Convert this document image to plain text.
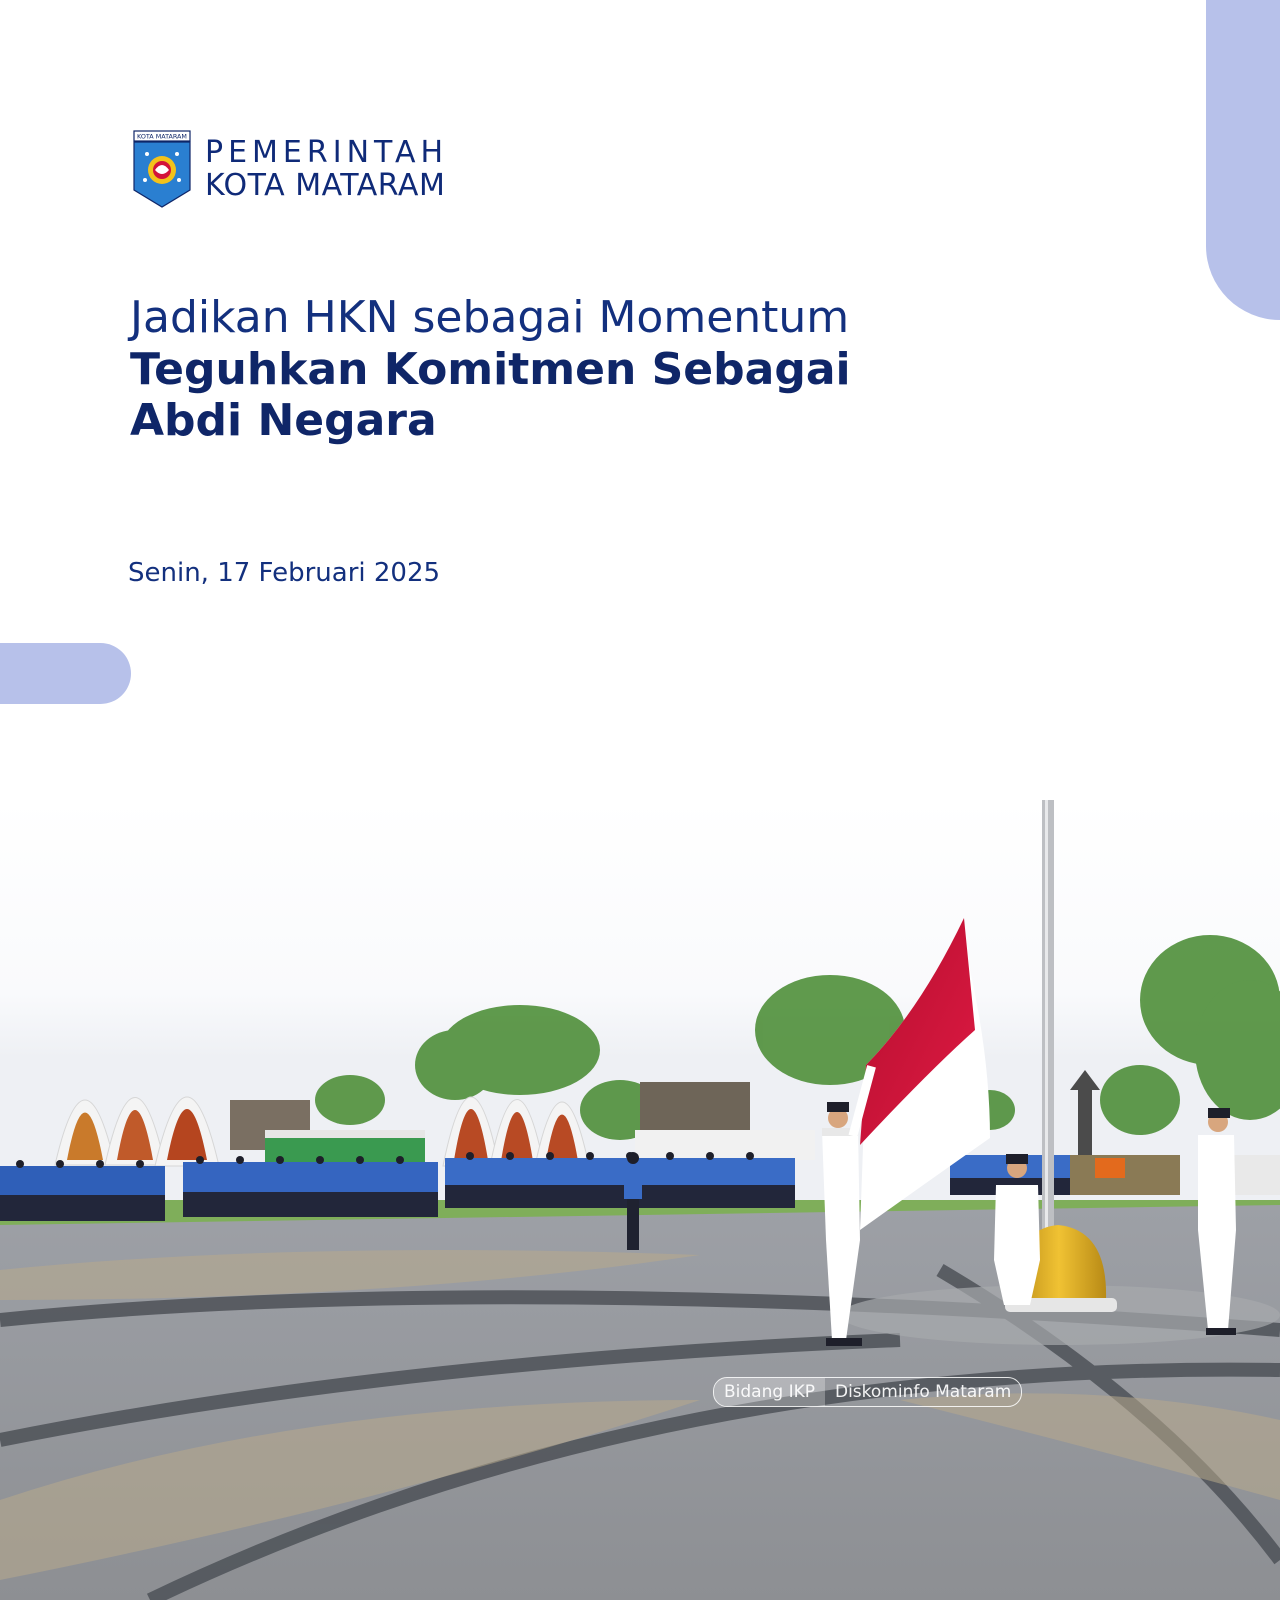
KOTA MATARAM PEMERINTAH
KOTA MATARAM

Jadikan HKN sebagai Momentum

Teguhkan Komitmen Sebagai

Abdi Negara

Senin, 17 Februari 2025
Bidang IKP	Diskominfo Mataram
